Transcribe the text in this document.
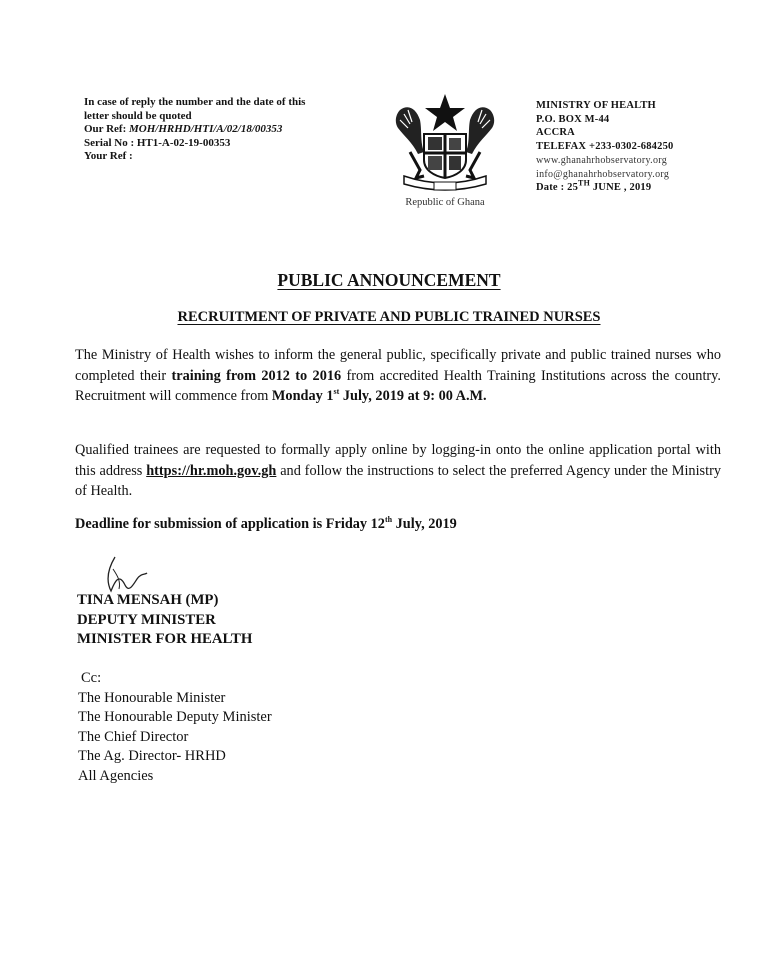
In case of reply the number and the date of this
letter should be quoted
Our Ref: MOH/HRHD/HTI/A/02/18/00353
Serial No : HT1-A-02-19-00353
Your Ref :
Republic of Ghana
MINISTRY OF HEALTH
P.O. BOX M-44
ACCRA
TELEFAX +233-0302-684250
www.ghanahrhobservatory.org
info@ghanahrhobservatory.org
Date : 25TH JUNE , 2019
PUBLIC ANNOUNCEMENT
RECRUITMENT OF PRIVATE AND PUBLIC TRAINED NURSES
The Ministry of Health wishes to inform the general public, specifically private and public trained nurses who completed their training from 2012 to 2016 from accredited Health Training Institutions across the country. Recruitment will commence from Monday 1st July, 2019 at 9: 00 A.M.
Qualified trainees are requested to formally apply online by logging-in onto the online application portal with this address https://hr.moh.gov.gh and follow the instructions to select the preferred Agency under the Ministry of Health.
Deadline for submission of application is Friday 12th July, 2019
TINA MENSAH (MP)
DEPUTY MINISTER
MINISTER FOR HEALTH
Cc:
The Honourable Minister
The Honourable Deputy Minister
The Chief Director
The Ag. Director- HRHD
All Agencies
